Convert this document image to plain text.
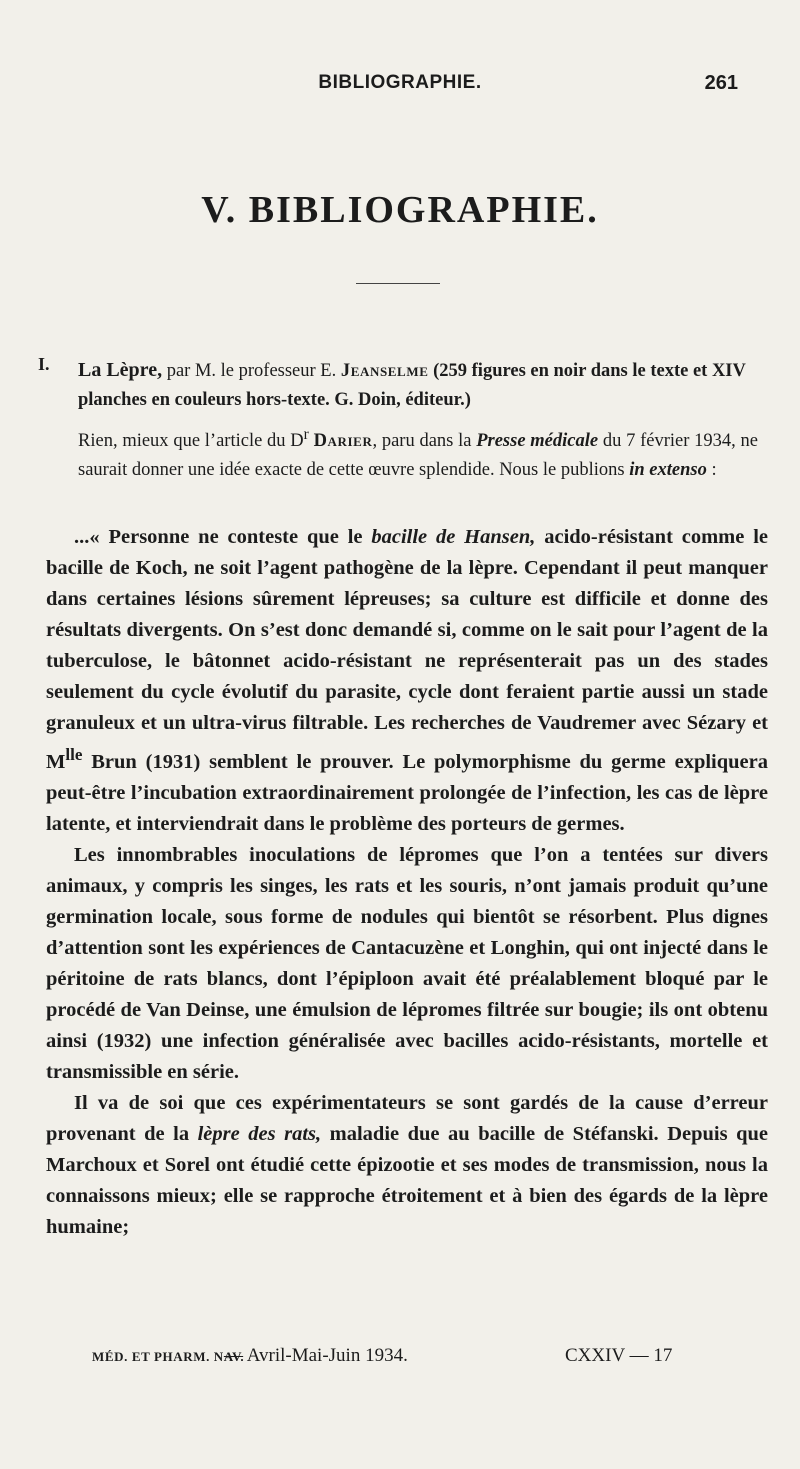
BIBLIOGRAPHIE.	261
V. BIBLIOGRAPHIE.
I. La Lèpre, par M. le professeur E. Jeanselme (259 figures en noir dans le texte et XIV planches en couleurs hors-texte. G. Doin, éditeur.)
Rien, mieux que l’article du $D^r$ Darier, paru dans la Presse médicale du 7 février 1934, ne saurait donner une idée exacte de cette œuvre splendide. Nous le publions in extenso :

...« Personne ne conteste que le bacille de Hansen, acido-résistant comme le bacille de Koch, ne soit l’agent pathogène de la lèpre. Cependant il peut manquer dans certaines lésions sûrement lépreuses; sa culture est difficile et donne des résultats divergents. On s’est donc demandé si, comme on le sait pour l’agent de la tuberculose, le bâtonnet acido-résistant ne représenterait pas un des stades seulement du cycle évolutif du parasite, cycle dont feraient partie aussi un stade granuleux et un ultra-virus filtrable. Les recherches de Vaudremer avec Sézary et $M^{lle}$ Brun (1931) semblent le prouver. Le polymorphisme du germe expliquera peut-être l’incubation extraordinairement prolongée de l’infection, les cas de lèpre latente, et interviendrait dans le problème des porteurs de germes.

Les innombrables inoculations de lépromes que l’on a tentées sur divers animaux, y compris les singes, les rats et les souris, n’ont jamais produit qu’une germination locale, sous forme de nodules qui bientôt se résorbent. Plus dignes d’attention sont les expériences de Cantacuzène et Longhin, qui ont injecté dans le péritoine de rats blancs, dont l’épiploon avait été préalablement bloqué par le procédé de Van Deinse, une émulsion de lépromes filtrée sur bougie; ils ont obtenu ainsi (1932) une infection généralisée avec bacilles acido-résistants, mortelle et transmissible en série.

Il va de soi que ces expérimentateurs se sont gardés de la cause d’erreur provenant de la lèpre des rats, maladie due au bacille de Stéfanski. Depuis que Marchoux et Sorel ont étudié cette épizootie et ses modes de transmission, nous la connaissons mieux; elle se rapproche étroitement et à bien des égards de la lèpre humaine;

MÉD. ET PHARM. NAV.
— Avril-Mai-Juin 1934.	CXXIV — 17
